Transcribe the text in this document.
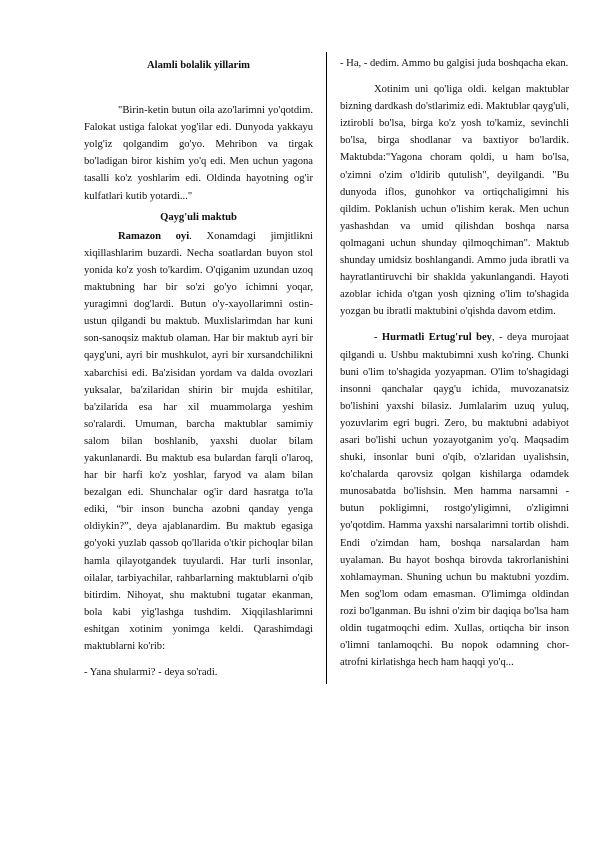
Alamli bolalik yillarim

"Birin-ketin butun oila azo'larimni yo'qotdim. Falokat ustiga falokat yog'ilar edi. Dunyoda yakkayu yolg'iz qolgandim go'yo. Mehribon va tirgak bo'ladigan biror kishim yo'q edi. Men uchun yagona tasalli ko'z yoshlarim edi. Oldinda hayotning og'ir kulfatlari kutib yotardi..."

Qayg'uli maktub

Ramazon oyi. Xonamdagi jimjitlikni xiqillashlarim buzardi. Necha soatlardan buyon stol yonida ko'z yosh to'kardim. O'qiganim uzundan uzoq maktubning har bir so'zi go'yo ichimni yoqar, yuragimni dog'lardi. Butun o'y-xayollarimni ostin-ustun qilgandi bu maktub. Muxlislarimdan har kuni son-sanoqsiz maktub olaman. Har bir maktub ayri bir qayg'uni, ayri bir mushkulot, ayri bir xursandchilikni xabarchisi edi. Ba'zisidan yordam va dalda ovozlari yuksalar, ba'zilaridan shirin bir mujda eshitilar, ba'zilarida esa har xil muammolarga yeshim so'ralardi. Umuman, barcha maktublar samimiy salom bilan boshlanib, yaxshi duolar bilam yakunlanardi. Bu maktub esa bulardan farqli o'laroq, har bir harfi ko'z yoshlar, faryod va alam bilan bezalgan edi. Shunchalar og'ir dard hasratga to'la ediki, “bir inson buncha azobni qanday yenga oldiykin?”, deya ajablanardim. Bu maktub egasiga go'yoki yuzlab qassob qo'llarida o'tkir pichoqlar bilan hamla qilayotgandek tuyulardi. Har turli insonlar, oilalar, tarbiyachilar, rahbarlarning maktublarni o'qib bitirdim. Nihoyat, shu maktubni tugatar ekanman, bola kabi yig'lashga tushdim. Xiqqilashlarimni eshitgan xotinim yonimga keldi. Qarashimdagi maktublarni ko'rib:

- Yana shularmi? - deya so'radi.

- Ha, - dedim. Ammo bu galgisi juda boshqacha ekan.

Xotinim uni qo'liga oldi. kelgan maktublar bizning dardkash do'stlarimiz edi. Maktublar qayg'uli, iztirobli bo'lsa, birga ko'z yosh to'kamiz, sevinchli bo'lsa, birga shodlanar va baxtiyor bo'lardik. Maktubda:"Yagona choram qoldi, u ham bo'lsa, o'zimni o'zim o'ldirib qutulish", deyilgandi. "Bu dunyoda iflos, gunohkor va ortiqchaligimni his qildim. Poklanish uchun o'lishim kerak. Men uchun yashashdan va umid qilishdan boshqa narsa qolmagani uchun shunday qilmoqchiman". Maktub shunday umidsiz boshlangandi. Ammo juda ibratli va hayratlantiruvchi bir shaklda yakunlangandi. Hayoti azoblar ichida o'tgan yosh qizning o'lim to'shagida yozgan bu ibratli maktubini o'qishda davom etdim.

- Hurmatli Ertug'rul bey, - deya murojaat qilgandi u. Ushbu maktubimni xush ko'ring. Chunki buni o'lim to'shagida yozyapman. O'lim to'shagidagi insonni qanchalar qayg'u ichida, muvozanatsiz bo'lishini yaxshi bilasiz. Jumlalarim uzuq yuluq, yozuvlarim egri bugri. Zero, bu maktubni adabiyot asari bo'lishi uchun yozayotganim yo'q. Maqsadim shuki, insonlar buni o'qib, o'zlaridan uyalishsin, ko'chalarda qarovsiz qolgan kishilarga odamdek munosabatda bo'lishsin. Men hamma narsamni - butun pokligimni, rostgo'yligimni, o'zligimni yo'qotdim. Hamma yaxshi narsalarimni tortib olishdi. Endi o'zimdan ham, boshqa narsalardan ham uyalaman. Bu hayot boshqa birovda takrorlanishini xohlamayman. Shuning uchun bu maktubni yozdim. Men sog'lom odam emasman. O'limimga oldindan rozi bo'lganman. Bu ishni o'zim bir daqiqa bo'lsa ham oldin tugatmoqchi edim. Xullas, ortiqcha bir inson o'limni tanlamoqchi. Bu nopok odamning chor-atrofni kirlatishga hech ham haqqi yo'q...
